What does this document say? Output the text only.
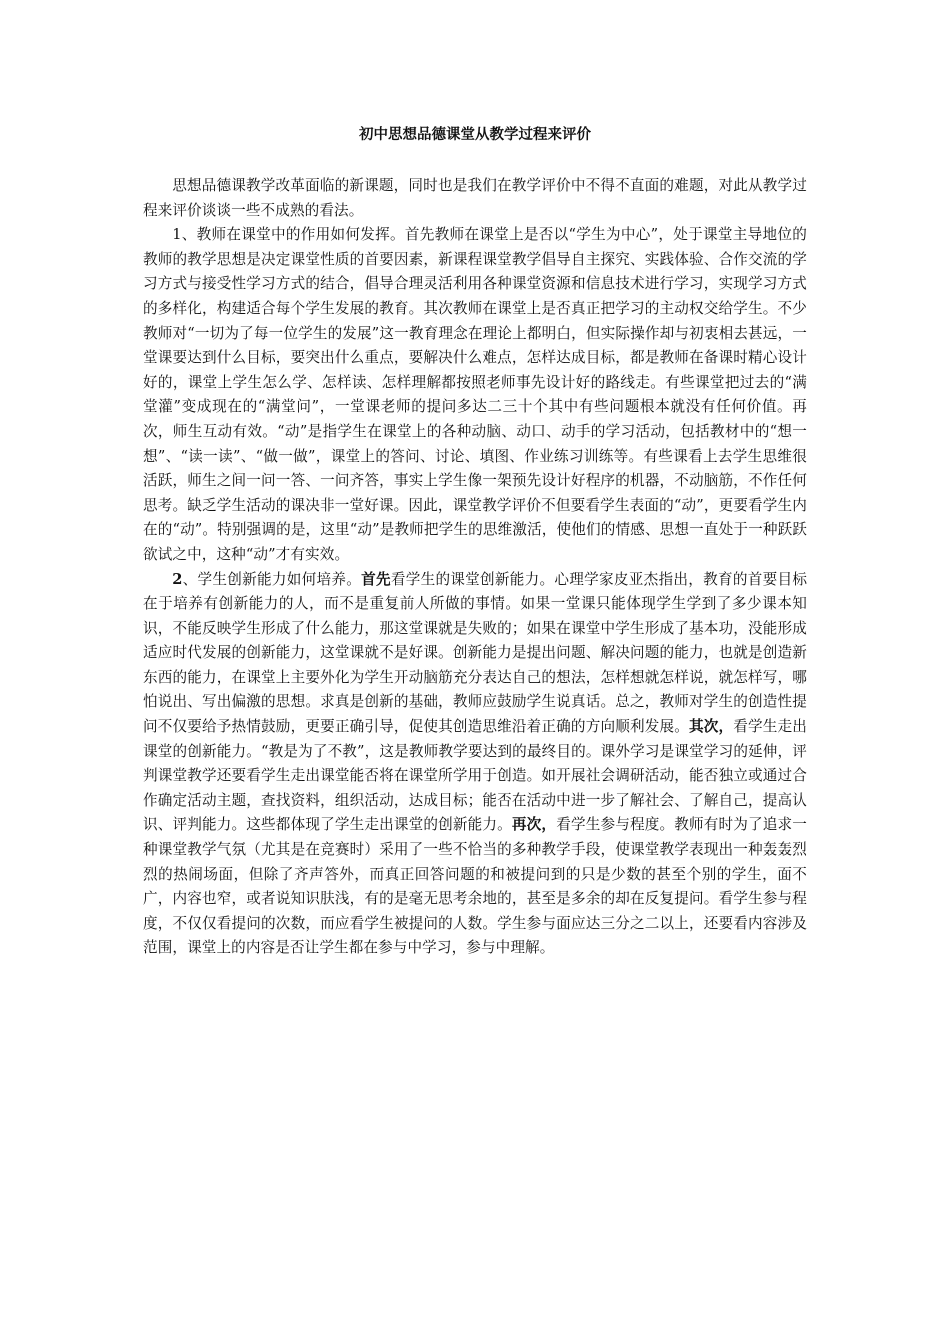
初中思想品德课堂从教学过程来评价

思想品德课教学改革面临的新课题，同时也是我们在教学评价中不得不直面的难题，对此从教学过程来评价谈谈一些不成熟的看法。

1、教师在课堂中的作用如何发挥。首先教师在课堂上是否以“学生为中心”，处于课堂主导地位的教师的教学思想是决定课堂性质的首要因素，新课程课堂教学倡导自主探究、实践体验、合作交流的学习方式与接受性学习方式的结合，倡导合理灵活利用各种课堂资源和信息技术进行学习，实现学习方式的多样化，构建适合每个学生发展的教育。其次教师在课堂上是否真正把学习的主动权交给学生。不少教师对“一切为了每一位学生的发展”这一教育理念在理论上都明白，但实际操作却与初衷相去甚远，一堂课要达到什么目标，要突出什么重点，要解决什么难点，怎样达成目标，都是教师在备课时精心设计好的，课堂上学生怎么学、怎样读、怎样理解都按照老师事先设计好的路线走。有些课堂把过去的“满堂灌”变成现在的“满堂问”，一堂课老师的提问多达二三十个其中有些问题根本就没有任何价值。再次，师生互动有效。“动”是指学生在课堂上的各种动脑、动口、动手的学习活动，包括教材中的“想一想”、“读一读”、“做一做”，课堂上的答问、讨论、填图、作业练习训练等。有些课看上去学生思维很活跃，师生之间一问一答、一问齐答，事实上学生像一架预先设计好程序的机器，不动脑筋，不作任何思考。缺乏学生活动的课决非一堂好课。因此，课堂教学评价不但要看学生表面的“动”，更要看学生内在的“动”。特别强调的是，这里“动”是教师把学生的思维激活，使他们的情感、思想一直处于一种跃跃欲试之中，这种“动”才有实效。

2、学生创新能力如何培养。首先看学生的课堂创新能力。心理学家皮亚杰指出，教育的首要目标在于培养有创新能力的人，而不是重复前人所做的事情。如果一堂课只能体现学生学到了多少课本知识，不能反映学生形成了什么能力，那这堂课就是失败的；如果在课堂中学生形成了基本功，没能形成适应时代发展的创新能力，这堂课就不是好课。创新能力是提出问题、解决问题的能力，也就是创造新东西的能力，在课堂上主要外化为学生开动脑筋充分表达自己的想法，怎样想就怎样说，就怎样写，哪怕说出、写出偏激的思想。求真是创新的基础，教师应鼓励学生说真话。总之，教师对学生的创造性提问不仅要给予热情鼓励，更要正确引导，促使其创造思维沿着正确的方向顺利发展。其次，看学生走出课堂的创新能力。“教是为了不教”，这是教师教学要达到的最终目的。课外学习是课堂学习的延伸，评判课堂教学还要看学生走出课堂能否将在课堂所学用于创造。如开展社会调研活动，能否独立或通过合作确定活动主题，查找资料，组织活动，达成目标；能否在活动中进一步了解社会、了解自己，提高认识、评判能力。这些都体现了学生走出课堂的创新能力。再次，看学生参与程度。教师有时为了追求一种课堂教学气氛（尤其是在竞赛时）采用了一些不恰当的多种教学手段，使课堂教学表现出一种轰轰烈烈的热闹场面，但除了齐声答外，而真正回答问题的和被提问到的只是少数的甚至个别的学生，面不广，内容也窄，或者说知识肤浅，有的是毫无思考余地的，甚至是多余的却在反复提问。看学生参与程度，不仅仅看提问的次数，而应看学生被提问的人数。学生参与面应达三分之二以上，还要看内容涉及范围，课堂上的内容是否让学生都在参与中学习，参与中理解。
